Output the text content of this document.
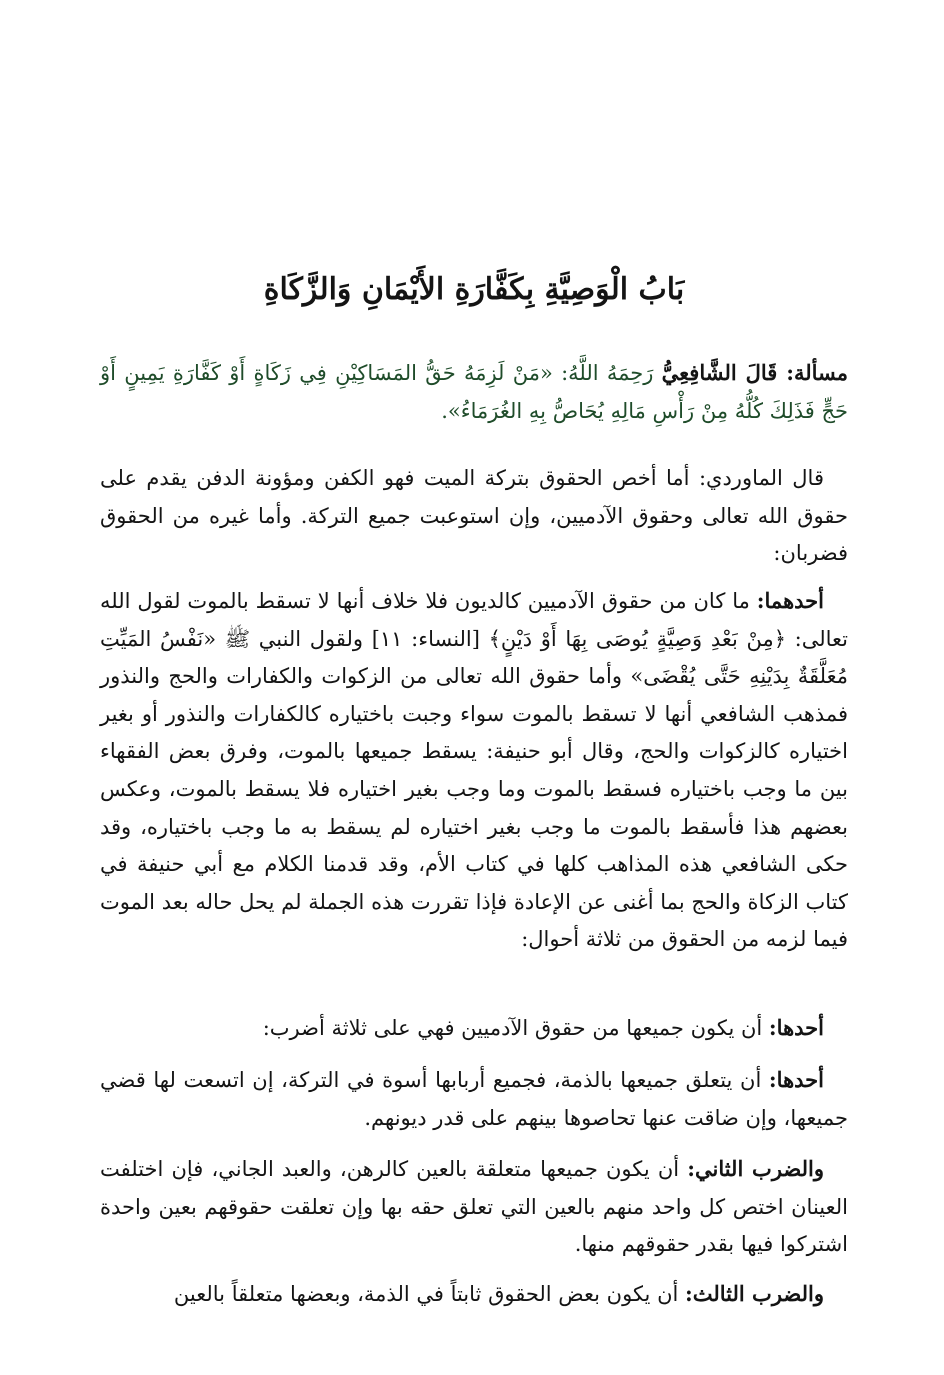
بَابُ الْوَصِيَّةِ بِكَفَّارَةِ الأَيْمَانِ وَالزَّكَاةِ

مسألة: قَالَ الشَّافِعِيُّ رَحِمَهُ اللَّهُ: «مَنْ لَزِمَهُ حَقُّ المَسَاكِيْنِ فِي زَكَاةٍ أَوْ كَفَّارَةِ يَمِينٍ أَوْ حَجٍّ فَذَلِكَ كُلُّهُ مِنْ رَأْسِ مَالِهِ يُحَاصُّ بِهِ الغُرَمَاءُ».

قال الماوردي: أما أخص الحقوق بتركة الميت فهو الكفن ومؤونة الدفن يقدم على حقوق الله تعالى وحقوق الآدميين، وإن استوعبت جميع التركة. وأما غيره من الحقوق فضربان:

أحدهما: ما كان من حقوق الآدميين كالديون فلا خلاف أنها لا تسقط بالموت لقول الله تعالى: ﴿مِنْ بَعْدِ وَصِيَّةٍ يُوصَى بِهَا أَوْ دَيْنٍ﴾ [النساء: ١١] ولقول النبي ﷺ «نَفْسُ المَيِّتِ مُعَلَّقَةٌ بِدَيْنِهِ حَتَّى يُقْضَى» وأما حقوق الله تعالى من الزكوات والكفارات والحج والنذور فمذهب الشافعي أنها لا تسقط بالموت سواء وجبت باختياره كالكفارات والنذور أو بغير اختياره كالزكوات والحج، وقال أبو حنيفة: يسقط جميعها بالموت، وفرق بعض الفقهاء بين ما وجب باختياره فسقط بالموت وما وجب بغير اختياره فلا يسقط بالموت، وعكس بعضهم هذا فأسقط بالموت ما وجب بغير اختياره لم يسقط به ما وجب باختياره، وقد حكى الشافعي هذه المذاهب كلها في كتاب الأم، وقد قدمنا الكلام مع أبي حنيفة في كتاب الزكاة والحج بما أغنى عن الإعادة فإذا تقررت هذه الجملة لم يحل حاله بعد الموت فيما لزمه من الحقوق من ثلاثة أحوال:

أحدها: أن يكون جميعها من حقوق الآدميين فهي على ثلاثة أضرب:

أحدها: أن يتعلق جميعها بالذمة، فجميع أربابها أسوة في التركة، إن اتسعت لها قضي جميعها، وإن ضاقت عنها تحاصوها بينهم على قدر ديونهم.

والضرب الثاني: أن يكون جميعها متعلقة بالعين كالرهن، والعبد الجاني، فإن اختلفت العينان اختص كل واحد منهم بالعين التي تعلق حقه بها وإن تعلقت حقوقهم بعين واحدة اشتركوا فيها بقدر حقوقهم منها.

والضرب الثالث: أن يكون بعض الحقوق ثابتاً في الذمة، وبعضها متعلقاً بالعين
